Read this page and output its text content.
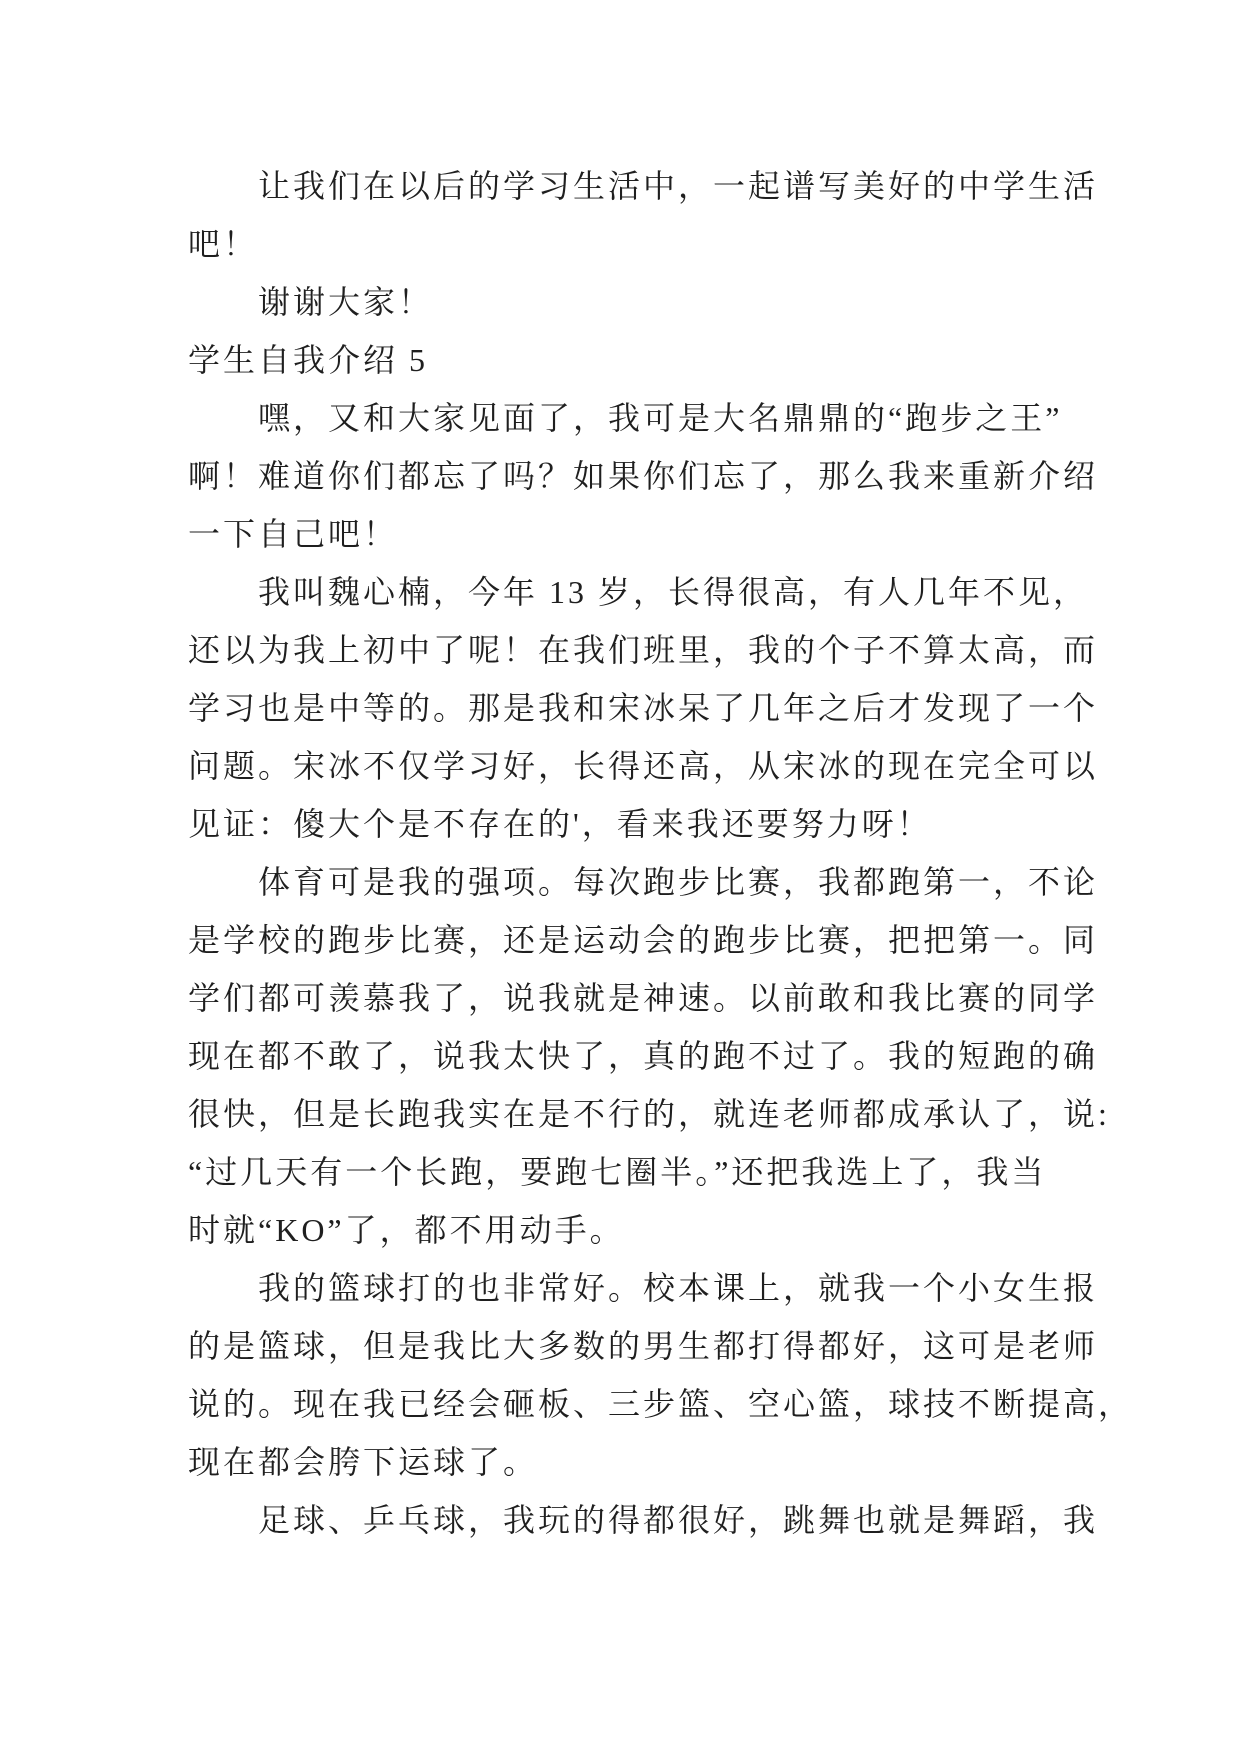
让我们在以后的学习生活中，一起谱写美好的中学生活
吧！
谢谢大家！
学生自我介绍 5
嘿，又和大家见面了，我可是大名鼎鼎的“跑步之王”
啊！难道你们都忘了吗？如果你们忘了，那么我来重新介绍
一下自己吧！
我叫魏心楠，今年 13 岁，长得很高，有人几年不见，
还以为我上初中了呢！在我们班里，我的个子不算太高，而
学习也是中等的。那是我和宋冰呆了几年之后才发现了一个
问题。宋冰不仅学习好，长得还高，从宋冰的现在完全可以
见证：傻大个是不存在的'，看来我还要努力呀！
体育可是我的强项。每次跑步比赛，我都跑第一，不论
是学校的跑步比赛，还是运动会的跑步比赛，把把第一。同
学们都可羡慕我了，说我就是神速。以前敢和我比赛的同学
现在都不敢了，说我太快了，真的跑不过了。我的短跑的确
很快，但是长跑我实在是不行的，就连老师都成承认了，说:
“过几天有一个长跑，要跑七圈半。”还把我选上了，我当
时就“KO”了，都不用动手。
我的篮球打的也非常好。校本课上，就我一个小女生报
的是篮球，但是我比大多数的男生都打得都好，这可是老师
说的。现在我已经会砸板、三步篮、空心篮，球技不断提高，
现在都会胯下运球了。
足球、乒乓球，我玩的得都很好，跳舞也就是舞蹈，我
